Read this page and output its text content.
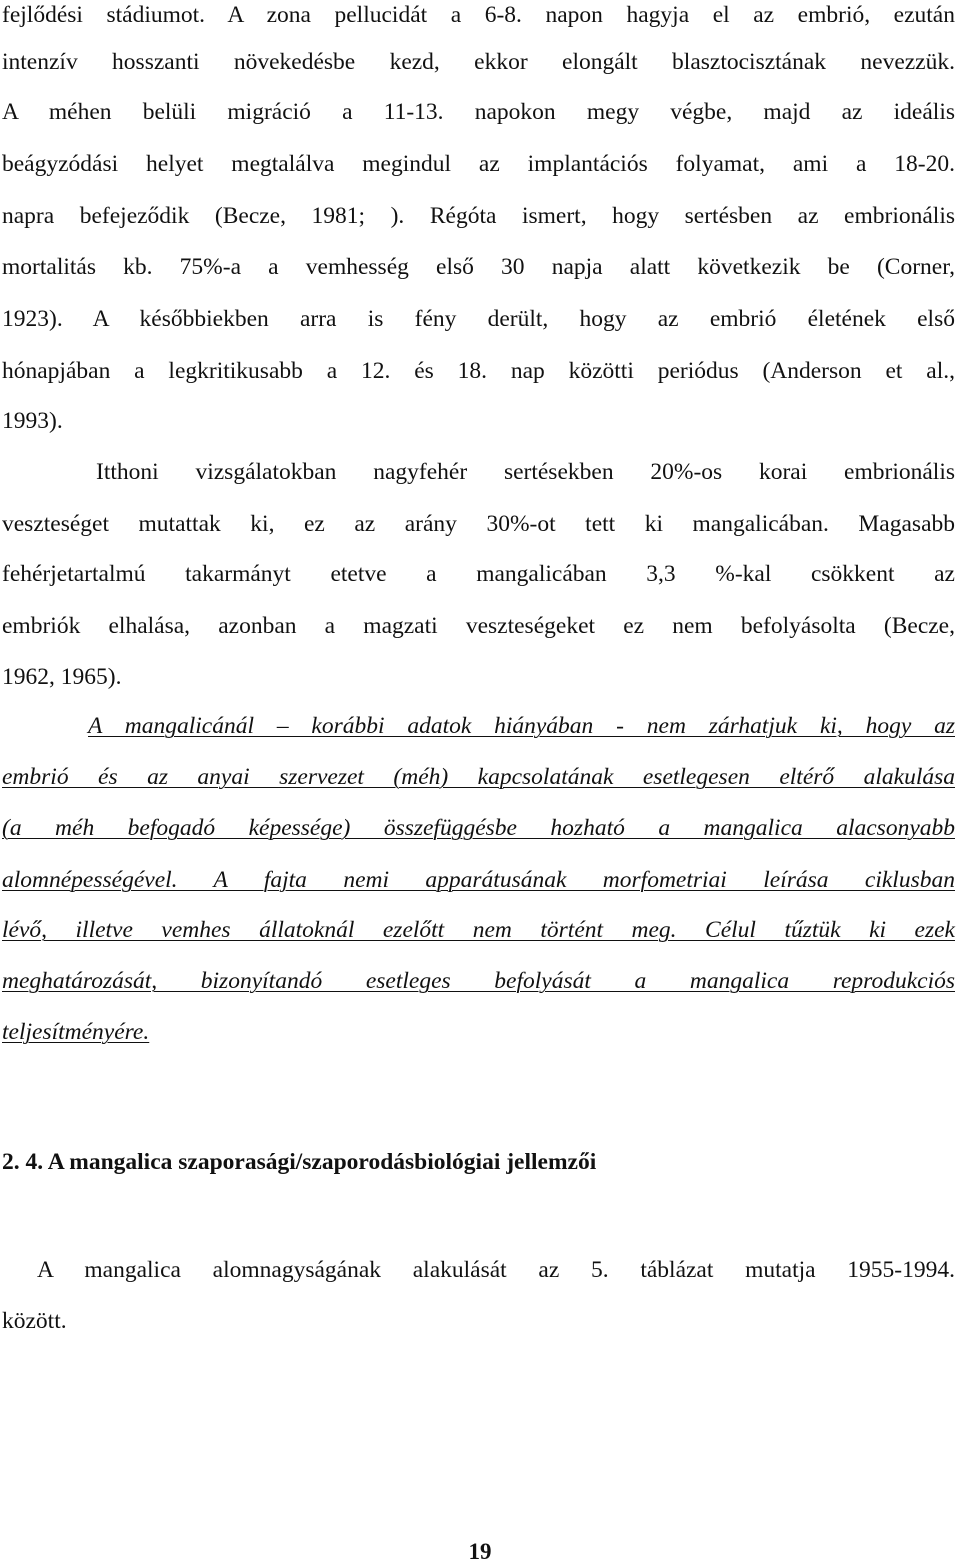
fejlődési stádiumot. A zona pellucidát a 6-8. napon hagyja el az embrió, ezután
intenzív hosszanti növekedésbe kezd, ekkor elongált blasztocisztának nevezzük.
A méhen belüli migráció a 11-13. napokon megy végbe, majd az ideális
beágyzódási helyet megtalálva megindul az implantációs folyamat, ami a 18-20.
napra befejeződik (Becze, 1981; ). Régóta ismert, hogy sertésben az embrionális
mortalitás kb. 75%-a a vemhesség első 30 napja alatt következik be (Corner,
1923). A későbbiekben arra is fény derült, hogy az embrió életének első
hónapjában a legkritikusabb a 12. és 18. nap közötti periódus (Anderson et al.,
1993).
Itthoni vizsgálatokban nagyfehér sertésekben 20%-os korai embrionális
veszteséget mutattak ki, ez az arány 30%-ot tett ki mangalicában. Magasabb
fehérjetartalmú takarmányt etetve a mangalicában 3,3 %-kal csökkent az
embriók elhalása, azonban a magzati veszteségeket ez nem befolyásolta (Becze,
1962, 1965).
A mangalicánál – korábbi adatok hiányában - nem zárhatjuk ki, hogy az
embrió és az anyai szervezet (méh) kapcsolatának esetlegesen eltérő alakulása
(a méh befogadó képessége) összefüggésbe hozható a mangalica alacsonyabb
alomnépességével. A fajta nemi apparátusának morfometriai leírása ciklusban
lévő, illetve vemhes állatoknál ezelőtt nem történt meg. Célul tűztük ki ezek
meghatározását, bizonyítandó esetleges befolyását a mangalica reprodukciós
teljesítményére.
2. 4. A mangalica szaporasági/szaporodásbiológiai jellemzői
A mangalica alomnagyságának alakulását az 5. táblázat mutatja 1955-1994.
között.
19
